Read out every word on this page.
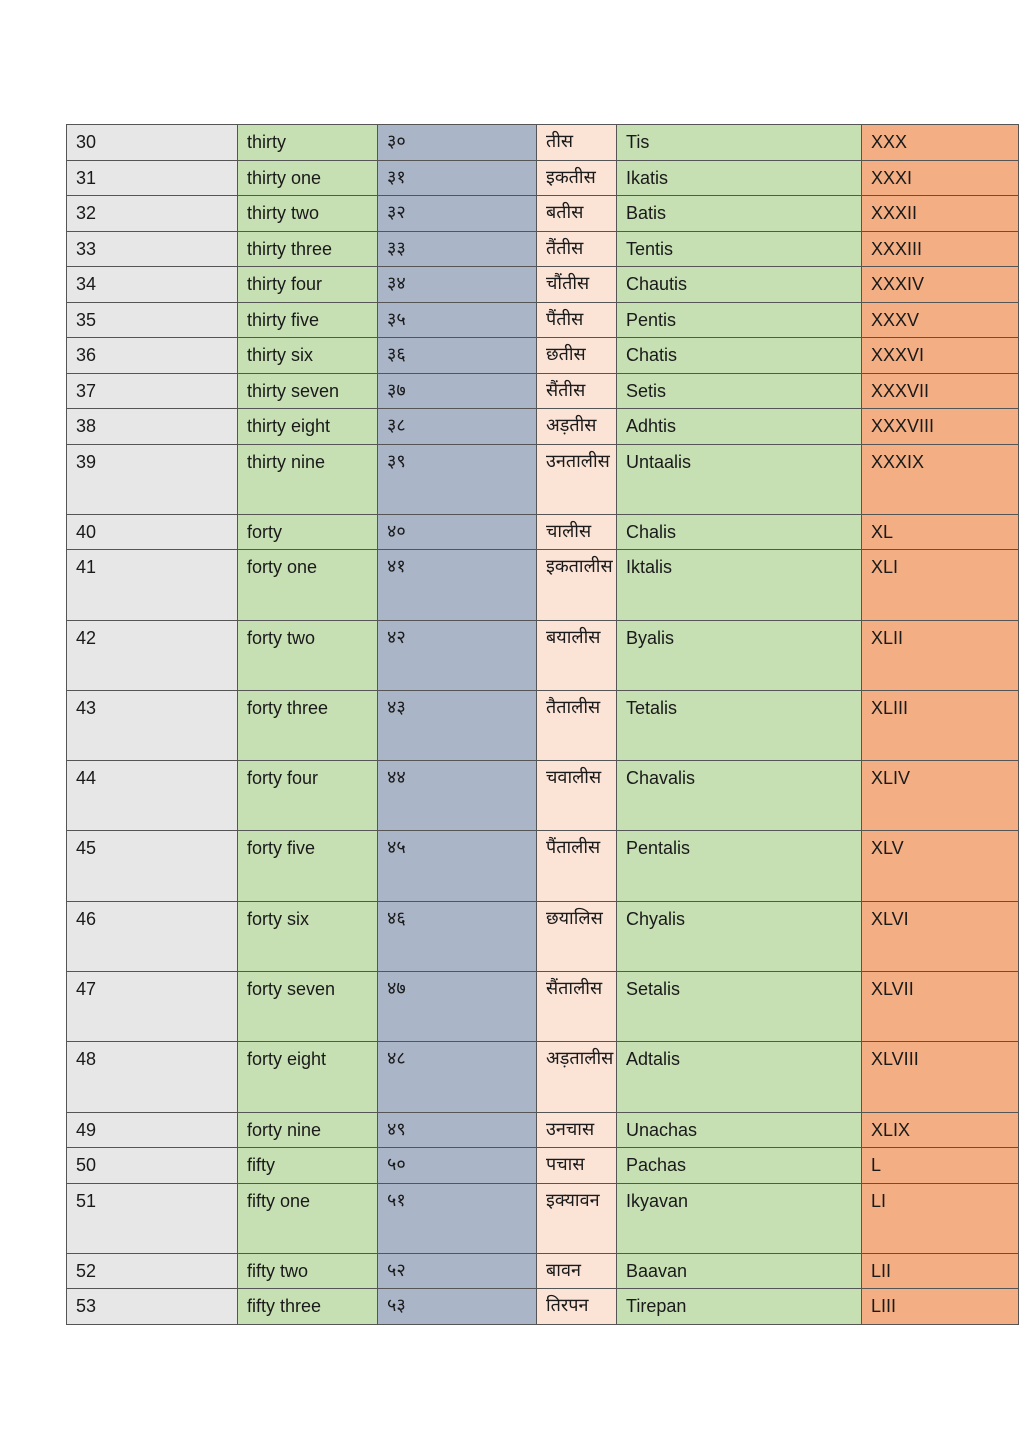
30	thirty	३०	तीस	Tis	XXX
31	thirty one	३१	इकतीस	Ikatis	XXXI
32	thirty two	३२	बतीस	Batis	XXXII
33	thirty three	३३	तैंतीस	Tentis	XXXIII
34	thirty four	३४	चौंतीस	Chautis	XXXIV
35	thirty five	३५	पैंतीस	Pentis	XXXV
36	thirty six	३६	छतीस	Chatis	XXXVI
37	thirty seven	३७	सैंतीस	Setis	XXXVII
38	thirty eight	३८	अड़तीस	Adhtis	XXXVIII
39	thirty nine	३९	उनतालीस	Untaalis	XXXIX
40	forty	४०	चालीस	Chalis	XL
41	forty one	४१	इकतालीस	Iktalis	XLI
42	forty two	४२	बयालीस	Byalis	XLII
43	forty three	४३	तैतालीस	Tetalis	XLIII
44	forty four	४४	चवालीस	Chavalis	XLIV
45	forty five	४५	पैंतालीस	Pentalis	XLV
46	forty six	४६	छयालिस	Chyalis	XLVI
47	forty seven	४७	सैंतालीस	Setalis	XLVII
48	forty eight	४८	अड़तालीस	Adtalis	XLVIII
49	forty nine	४९	उनचास	Unachas	XLIX
50	fifty	५०	पचास	Pachas	L
51	fifty one	५१	इक्यावन	Ikyavan	LI
52	fifty two	५२	बावन	Baavan	LII
53	fifty three	५३	तिरपन	Tirepan	LIII
